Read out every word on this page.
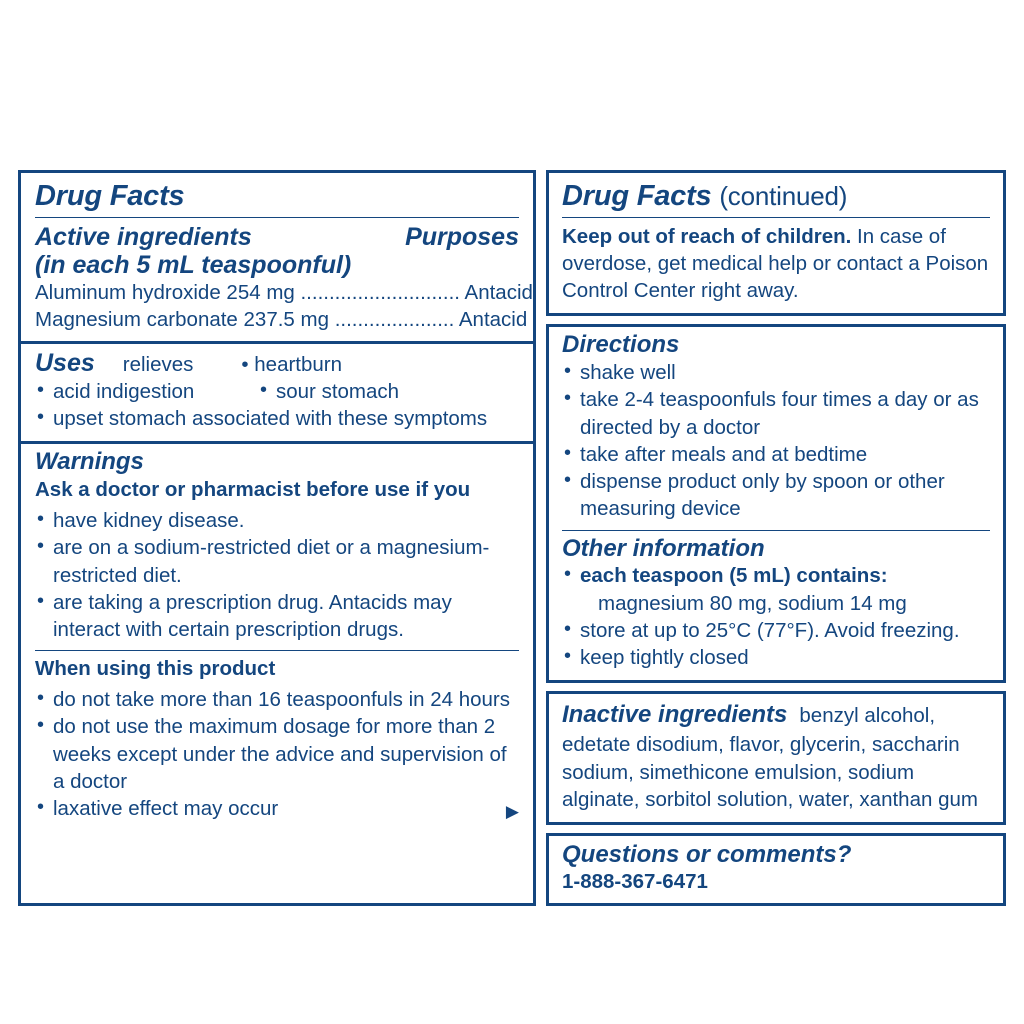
Drug Facts
Active ingredients
(in each 5 mL teaspoonful)
Purposes
Aluminum hydroxide 254 mg ............................ Antacid
Magnesium carbonate 237.5 mg ..................... Antacid
Uses relieves • heartburn
• acid indigestion	• sour stomach
• upset stomach associated with these symptoms
Warnings
Ask a doctor or pharmacist before use if you
• have kidney disease.
• are on a sodium-restricted diet or a magnesium-restricted diet.
• are taking a prescription drug. Antacids may interact with certain prescription drugs.
When using this product
• do not take more than 16 teaspoonfuls in 24 hours
• do not use the maximum dosage for more than 2 weeks except under the advice and supervision of a doctor
• laxative effect may occur	▶
Drug Facts (continued)
Keep out of reach of children. In case of overdose, get medical help or contact a Poison Control Center right away.
Directions
• shake well
• take 2-4 teaspoonfuls four times a day or as directed by a doctor
• take after meals and at bedtime
• dispense product only by spoon or other measuring device
Other information
• each teaspoon (5 mL) contains:
magnesium 80 mg, sodium 14 mg
• store at up to 25°C (77°F). Avoid freezing.
• keep tightly closed
Inactive ingredients benzyl alcohol, edetate disodium, flavor, glycerin, saccharin sodium, simethicone emulsion, sodium alginate, sorbitol solution, water, xanthan gum
Questions or comments?
1-888-367-6471
